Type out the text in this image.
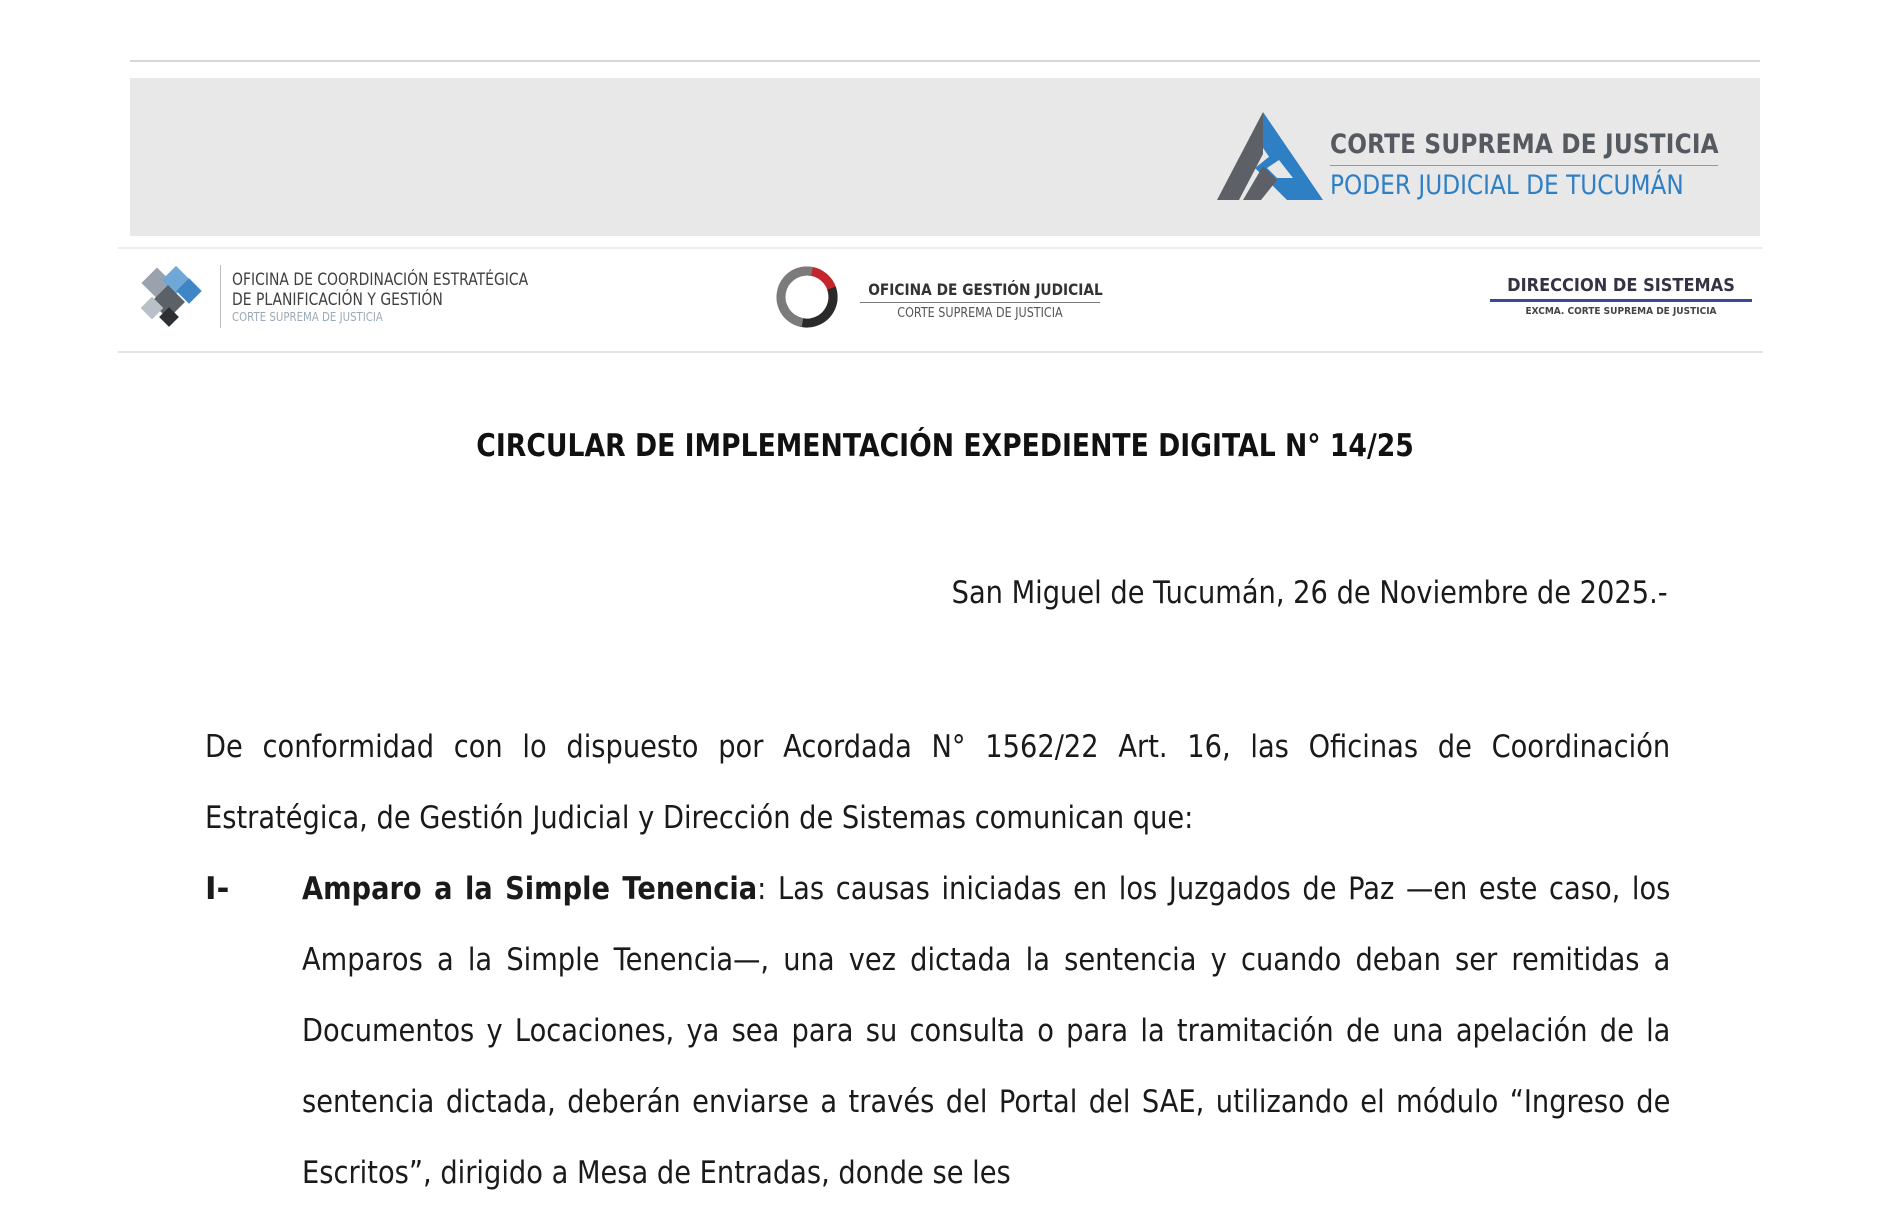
CORTE SUPREMA DE JUSTICIA
PODER JUDICIAL DE TUCUMÁN
OFICINA DE COORDINACIÓN ESTRATÉGICA
DE PLANIFICACIÓN Y GESTIÓN
CORTE SUPREMA DE JUSTICIA
OFICINA DE GESTIÓN JUDICIAL
CORTE SUPREMA DE JUSTICIA
DIRECCION DE SISTEMAS
EXCMA. CORTE SUPREMA DE JUSTICIA
CIRCULAR DE IMPLEMENTACIÓN EXPEDIENTE DIGITAL N° 14/25
San Miguel de Tucumán, 26 de Noviembre de 2025.-
De conformidad con lo dispuesto por Acordada N° 1562/22 Art. 16, las Oficinas de Coordinación Estratégica, de Gestión Judicial y Dirección de Sistemas comunican que:
I- Amparo a la Simple Tenencia: Las causas iniciadas en los Juzgados de Paz —en este caso, los Amparos a la Simple Tenencia—, una vez dictada la sentencia y cuando deban ser remitidas a Documentos y Locaciones, ya sea para su consulta o para la tramitación de una apelación de la sentencia dictada, deberán enviarse a través del Portal del SAE, utilizando el módulo “Ingreso de Escritos”, dirigido a Mesa de Entradas, donde se les
